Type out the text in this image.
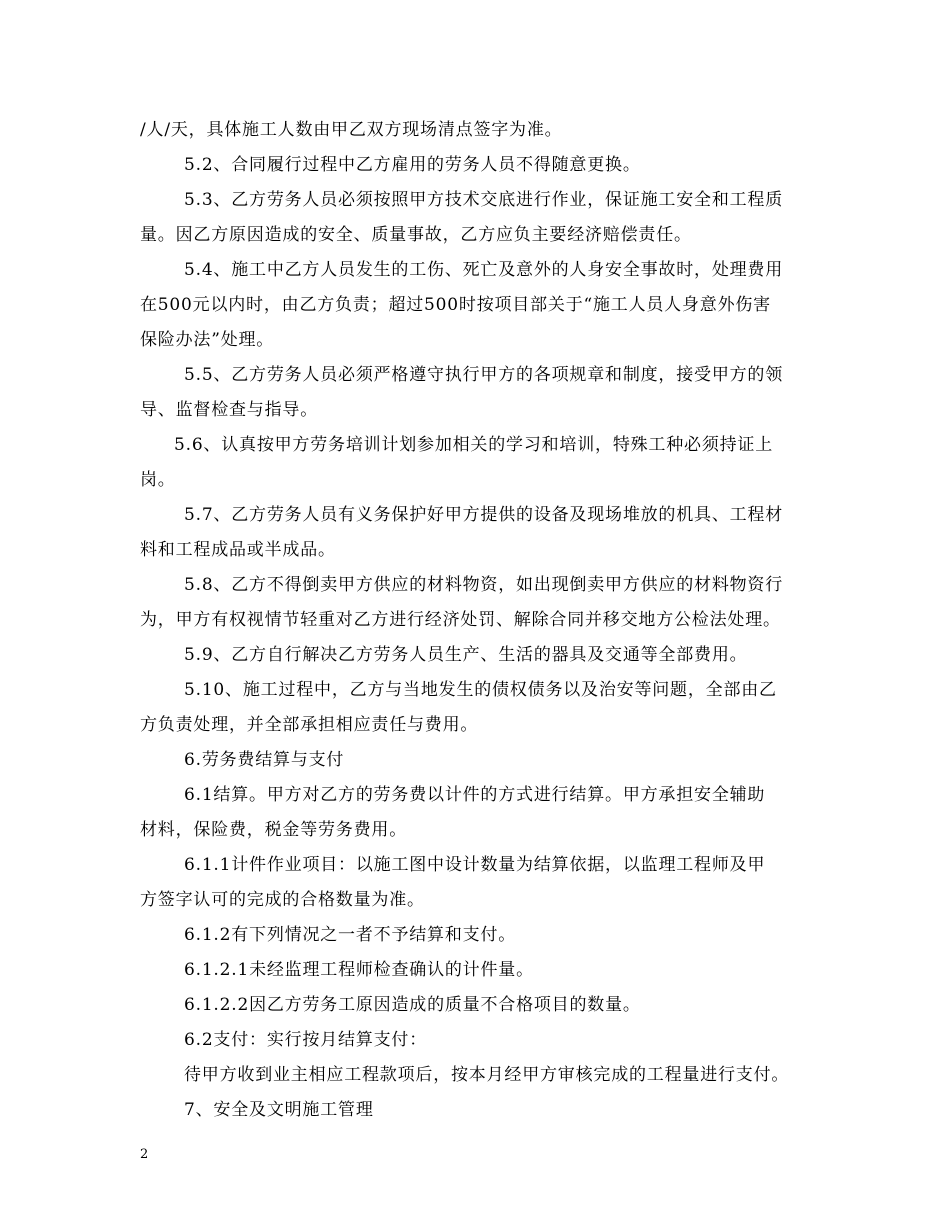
/人/天，具体施工人数由甲乙双方现场清点签字为准。
5.2、合同履行过程中乙方雇用的劳务人员不得随意更换。
5.3、乙方劳务人员必须按照甲方技术交底进行作业，保证施工安全和工程质
量。因乙方原因造成的安全、质量事故，乙方应负主要经济赔偿责任。
5.4、施工中乙方人员发生的工伤、死亡及意外的人身安全事故时，处理费用
在500元以内时，由乙方负责；超过500时按项目部关于“施工人员人身意外伤害
保险办法”处理。
5.5、乙方劳务人员必须严格遵守执行甲方的各项规章和制度，接受甲方的领
导、监督检查与指导。
5.6、认真按甲方劳务培训计划参加相关的学习和培训，特殊工种必须持证上
岗。
5.7、乙方劳务人员有义务保护好甲方提供的设备及现场堆放的机具、工程材
料和工程成品或半成品。
5.8、乙方不得倒卖甲方供应的材料物资，如出现倒卖甲方供应的材料物资行
为，甲方有权视情节轻重对乙方进行经济处罚、解除合同并移交地方公检法处理。
5.9、乙方自行解决乙方劳务人员生产、生活的器具及交通等全部费用。
5.10、施工过程中，乙方与当地发生的债权债务以及治安等问题，全部由乙
方负责处理，并全部承担相应责任与费用。
6.劳务费结算与支付
6.1结算。甲方对乙方的劳务费以计件的方式进行结算。甲方承担安全辅助
材料，保险费，税金等劳务费用。
6.1.1计件作业项目：以施工图中设计数量为结算依据，以监理工程师及甲
方签字认可的完成的合格数量为准。
6.1.2有下列情况之一者不予结算和支付。
6.1.2.1未经监理工程师检查确认的计件量。
6.1.2.2因乙方劳务工原因造成的质量不合格项目的数量。
6.2支付：实行按月结算支付：
待甲方收到业主相应工程款项后，按本月经甲方审核完成的工程量进行支付。
7、安全及文明施工管理
2
